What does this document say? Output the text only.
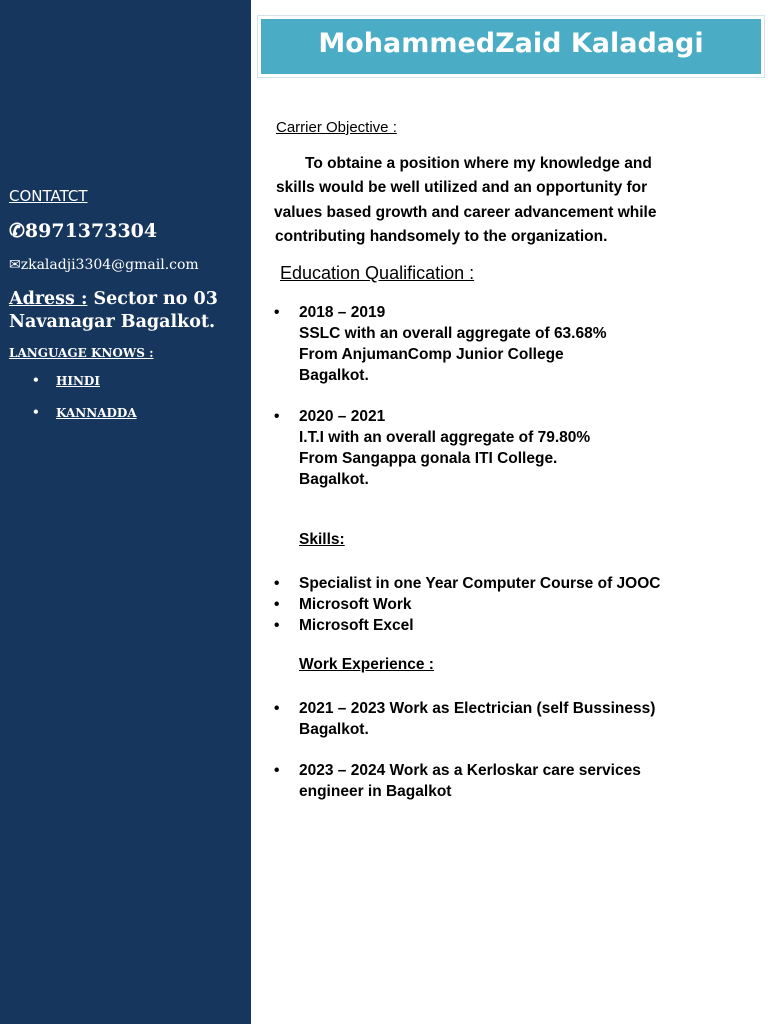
CONTATCT
✆8971373304
✉zkaladji3304@gmail.com
Adress : Sector no 03
Navanagar Bagalkot.
LANGUAGE KNOWS :
• HINDI
• KANNADDA
MohammedZaid Kaladagi
Carrier Objective :
To obtaine a position where my knowledge and
skills would be well utilized and an opportunity for
values based growth and career advancement while
contributing handsomely to the organization.
Education Qualification :
• 2018 – 2019
SSLC with an overall aggregate of 63.68%
From AnjumanComp Junior College
Bagalkot.
• 2020 – 2021
I.T.I with an overall aggregate of 79.80%
From Sangappa gonala ITI College.
Bagalkot.
Skills:
• Specialist in one Year Computer Course of JOOC
• Microsoft Work
• Microsoft Excel
Work Experience :
• 2021 – 2023 Work as Electrician (self Bussiness)
Bagalkot.
• 2023 – 2024 Work as a Kerloskar care services
engineer in Bagalkot
